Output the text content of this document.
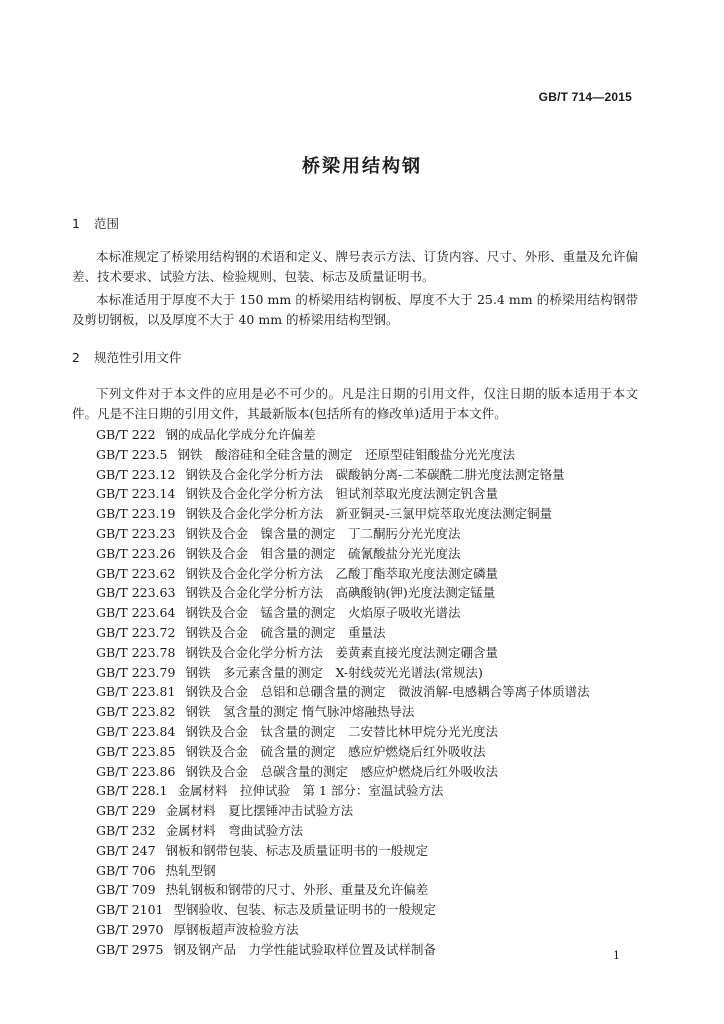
GB/T 714—2015
桥梁用结构钢
1 范围
本标准规定了桥梁用结构钢的术语和定义、牌号表示方法、订货内容、尺寸、外形、重量及允许偏差、技术要求、试验方法、检验规则、包装、标志及质量证明书。
本标准适用于厚度不大于 150 mm 的桥梁用结构钢板、厚度不大于 25.4 mm 的桥梁用结构钢带及剪切钢板，以及厚度不大于 40 mm 的桥梁用结构型钢。
2 规范性引用文件
下列文件对于本文件的应用是必不可少的。凡是注日期的引用文件，仅注日期的版本适用于本文件。凡是不注日期的引用文件，其最新版本(包括所有的修改单)适用于本文件。
GB/T 222 钢的成品化学成分允许偏差
GB/T 223.5 钢铁　酸溶硅和全硅含量的测定　还原型硅钼酸盐分光光度法
GB/T 223.12 钢铁及合金化学分析方法　碳酸钠分离-二苯碳酰二肼光度法测定铬量
GB/T 223.14 钢铁及合金化学分析方法　钽试剂萃取光度法测定钒含量
GB/T 223.19 钢铁及合金化学分析方法　新亚铜灵-三氯甲烷萃取光度法测定铜量
GB/T 223.23 钢铁及合金　镍含量的测定　丁二酮肟分光光度法
GB/T 223.26 钢铁及合金　钼含量的测定　硫氰酸盐分光光度法
GB/T 223.62 钢铁及合金化学分析方法　乙酸丁酯萃取光度法测定磷量
GB/T 223.63 钢铁及合金化学分析方法　高碘酸钠(钾)光度法测定锰量
GB/T 223.64 钢铁及合金　锰含量的测定　火焰原子吸收光谱法
GB/T 223.72 钢铁及合金　硫含量的测定　重量法
GB/T 223.78 钢铁及合金化学分析方法　姜黄素直接光度法测定硼含量
GB/T 223.79 钢铁　多元素含量的测定　X-射线荧光光谱法(常规法)
GB/T 223.81 钢铁及合金　总铝和总硼含量的测定　微波消解-电感耦合等离子体质谱法
GB/T 223.82 钢铁　氢含量的测定 惰气脉冲熔融热导法
GB/T 223.84 钢铁及合金　钛含量的测定　二安替比林甲烷分光光度法
GB/T 223.85 钢铁及合金　硫含量的测定　感应炉燃烧后红外吸收法
GB/T 223.86 钢铁及合金　总碳含量的测定　感应炉燃烧后红外吸收法
GB/T 228.1 金属材料　拉伸试验　第 1 部分：室温试验方法
GB/T 229 金属材料　夏比摆锤冲击试验方法
GB/T 232 金属材料　弯曲试验方法
GB/T 247 钢板和钢带包装、标志及质量证明书的一般规定
GB/T 706 热轧型钢
GB/T 709 热轧钢板和钢带的尺寸、外形、重量及允许偏差
GB/T 2101 型钢验收、包装、标志及质量证明书的一般规定
GB/T 2970 厚钢板超声波检验方法
GB/T 2975 钢及钢产品　力学性能试验取样位置及试样制备	1
